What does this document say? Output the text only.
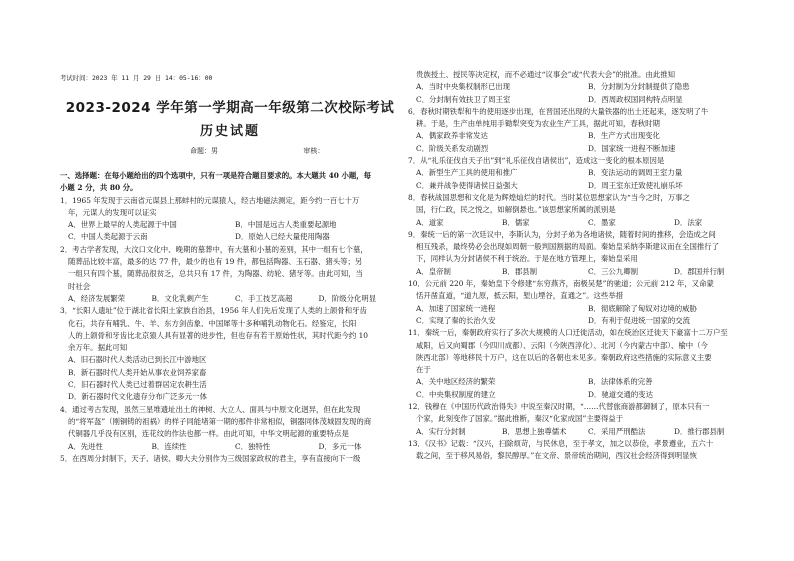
考试时间：2023 年 11 月 29 日 14：05-16：00
2023-2024 学年第一学期高一年级第二次校际考试
历史试题
命题：男	审核：
一、选择题：在每小题给出的四个选项中，只有一项是符合题目要求的。本大题共 40 小题，每
小题 2 分，共 80 分。
1．1965 年发现于云南省元谋县上那蚌村的元谋猿人，经古地磁法测定，距今约一百七十万
年，元谋人的发现可以证实
A．世界上最早的人类起源于中国	B．中国是远古人类重要起源地
C．中国人类起源于云南	D．原始人已经大量使用陶器
2．考古学者发现，大汶口文化中、晚期的墓葬中，有大墓和小墓的差别，其中一组有七个墓，
随葬品比较丰富，最多的达 77 件，最少的也有 19 件，都包括陶器、玉石器、猪头等；另
一组只有四个墓，随葬品很贫乏，总共只有 17 件，为陶器、纺轮、猪牙等。由此可知，当
时社会
A．经济发展繁荣	B．文化乳剩产生	C．手工技艺高超	D．阶级分化明显
3．“长阳人遗址”位于湖北省长阳土家族自治县，1956 年人们先后发现了人类的上颌骨和牙齿
化石，共存有哺乳、牛、羊、东方剑齿象、中国犀等十多种哺乳动物化石。经鉴定，长阳
人的上颌骨和牙齿比北京猿人具有显著的进步性，但也存有若干原始性状，其时代距今约 10
余万年。据此可知
A．旧石器时代人类活动已到长江中游地区
B．新石器时代人类开始从事农业饲养家畜
C．旧石器时代人类已过着群居定农耕生活
D．新石器时代文化遗存分布广泛多元一体
4．通过考古发现，虽然三星堆遗址出土的神树、大立人、面具与中原文化迥异，但在此发现
的“将军盔”（刚铜铸的祖祸）的样子同能堵第一期的那件非常相似，铜器同体茂城固发现的商
代铜器几乎没有区别，连花纹的作法也都一样。由此可知，中华文明起源的重要特点是
A．先进性	B．连续性	C．独特性	D．多元一体
5．在西周分封制下，天子、诸侯、卿大夫分别作为三级国家政权的君主，享有直接向下一级
贵族授土、授民等决定权，而不必通过“议事会”或“代表大会”的批准。由此推知
A．当时中央集权制形已出现	B．分封制为分封制提供了隐患
C．分封制有效扶卫了周王室	D．西周政权国同构特点明显
6．春秋时期铁犁和牛的使用逐步出现，在晋国还出现的大量铁器的出土还起来，逐发明了牛
耕。于是，生产由单纯用手锄犁突变为农业生产工具，据此可知，春秋时期
A．偶家政养非常发达	B．生产方式出现变化
C．阶级关系发动剧烈	D．国家统一进程不断加速
7．从“礼乐征伐自天子出”到“礼乐征伐自诸侯出”，造成这一变化的根本原因是
A．新型生产工具的使用和推广	B．变法运动的调周王室力量
C．兼并战争使得诸侯日益强大	D．周王室东迁致使礼崩乐坏
8．春秋战国思想和文化是为辉煌灿烂的时代。当时某位思想家认为“当今之时，万事之
国，行仁政，民之悦之，如解倒悬也。”该思想家所属的派别是
A．道家	B．儒家	C．墨家	D．法家
9．秦统一后的第一次廷议中，李斯认为，分封子弟为各地诸侯，随着时间的推移，会造成之间
相互残杀，最终势必会出现如周朝一般判国割据的局面。秦始皇采纳李斯建议而在全国推行了
下，同样认为分封诸侯不利于统治。于是在地方管理上，秦始皇采用
A．皇帝制	B．郡县制	C．三公九卿制	D．郡国并行制
10．公元前 220 年，秦始皇下令修建“东穷燕齐，南极吴楚”的驰道；公元前 212 年，又命蒙
恬开凿直道，“道九原，抵云阳，堑山堙谷，直通之”。这些举措
A．加速了国家统一进程	B．彻底解除了匈奴对边境的威胁
C．实现了秦的长治久安	D．有利于促进统一国家的交流
11．秦统一后，秦朝政府实行了多次大规模的人口迁徙活动，如在统治区迁徙天下豪富十二万户至
咸阳，后又向蜀郡（今四川成都）、云阳（今陕西淳化）、北河（今内蒙古中部）、榆中（今
陕西北部）等地移民十万户，这在以后的各朝也未见多。秦朝政府这些措施的实际意义主要
在于
A．关中地区经济的繁荣	B．法律体系的完善
C．中央集权制度的建立	D．驰道交通的变达
12．钱穆在《中国历代政治得失》中说至秦汉时期，“……代替旅商游都御制了，原本只有一
个家，此刻变作了国家。”据此推断，秦汉“化家成国”主要得益于
A．实行分封制	B．思想上独尊儒术	C．采用严刑酷法	D．推行郡县制
13．《汉书》记载：“汉兴，扫除烦苛，与民休息，至于孝文，加之以恭俭，孝景遵业，五六十
载之间，至于移风易俗，黎民醇厚。”在文帝、景帝统治期间，西汉社会经济得到明显恢
